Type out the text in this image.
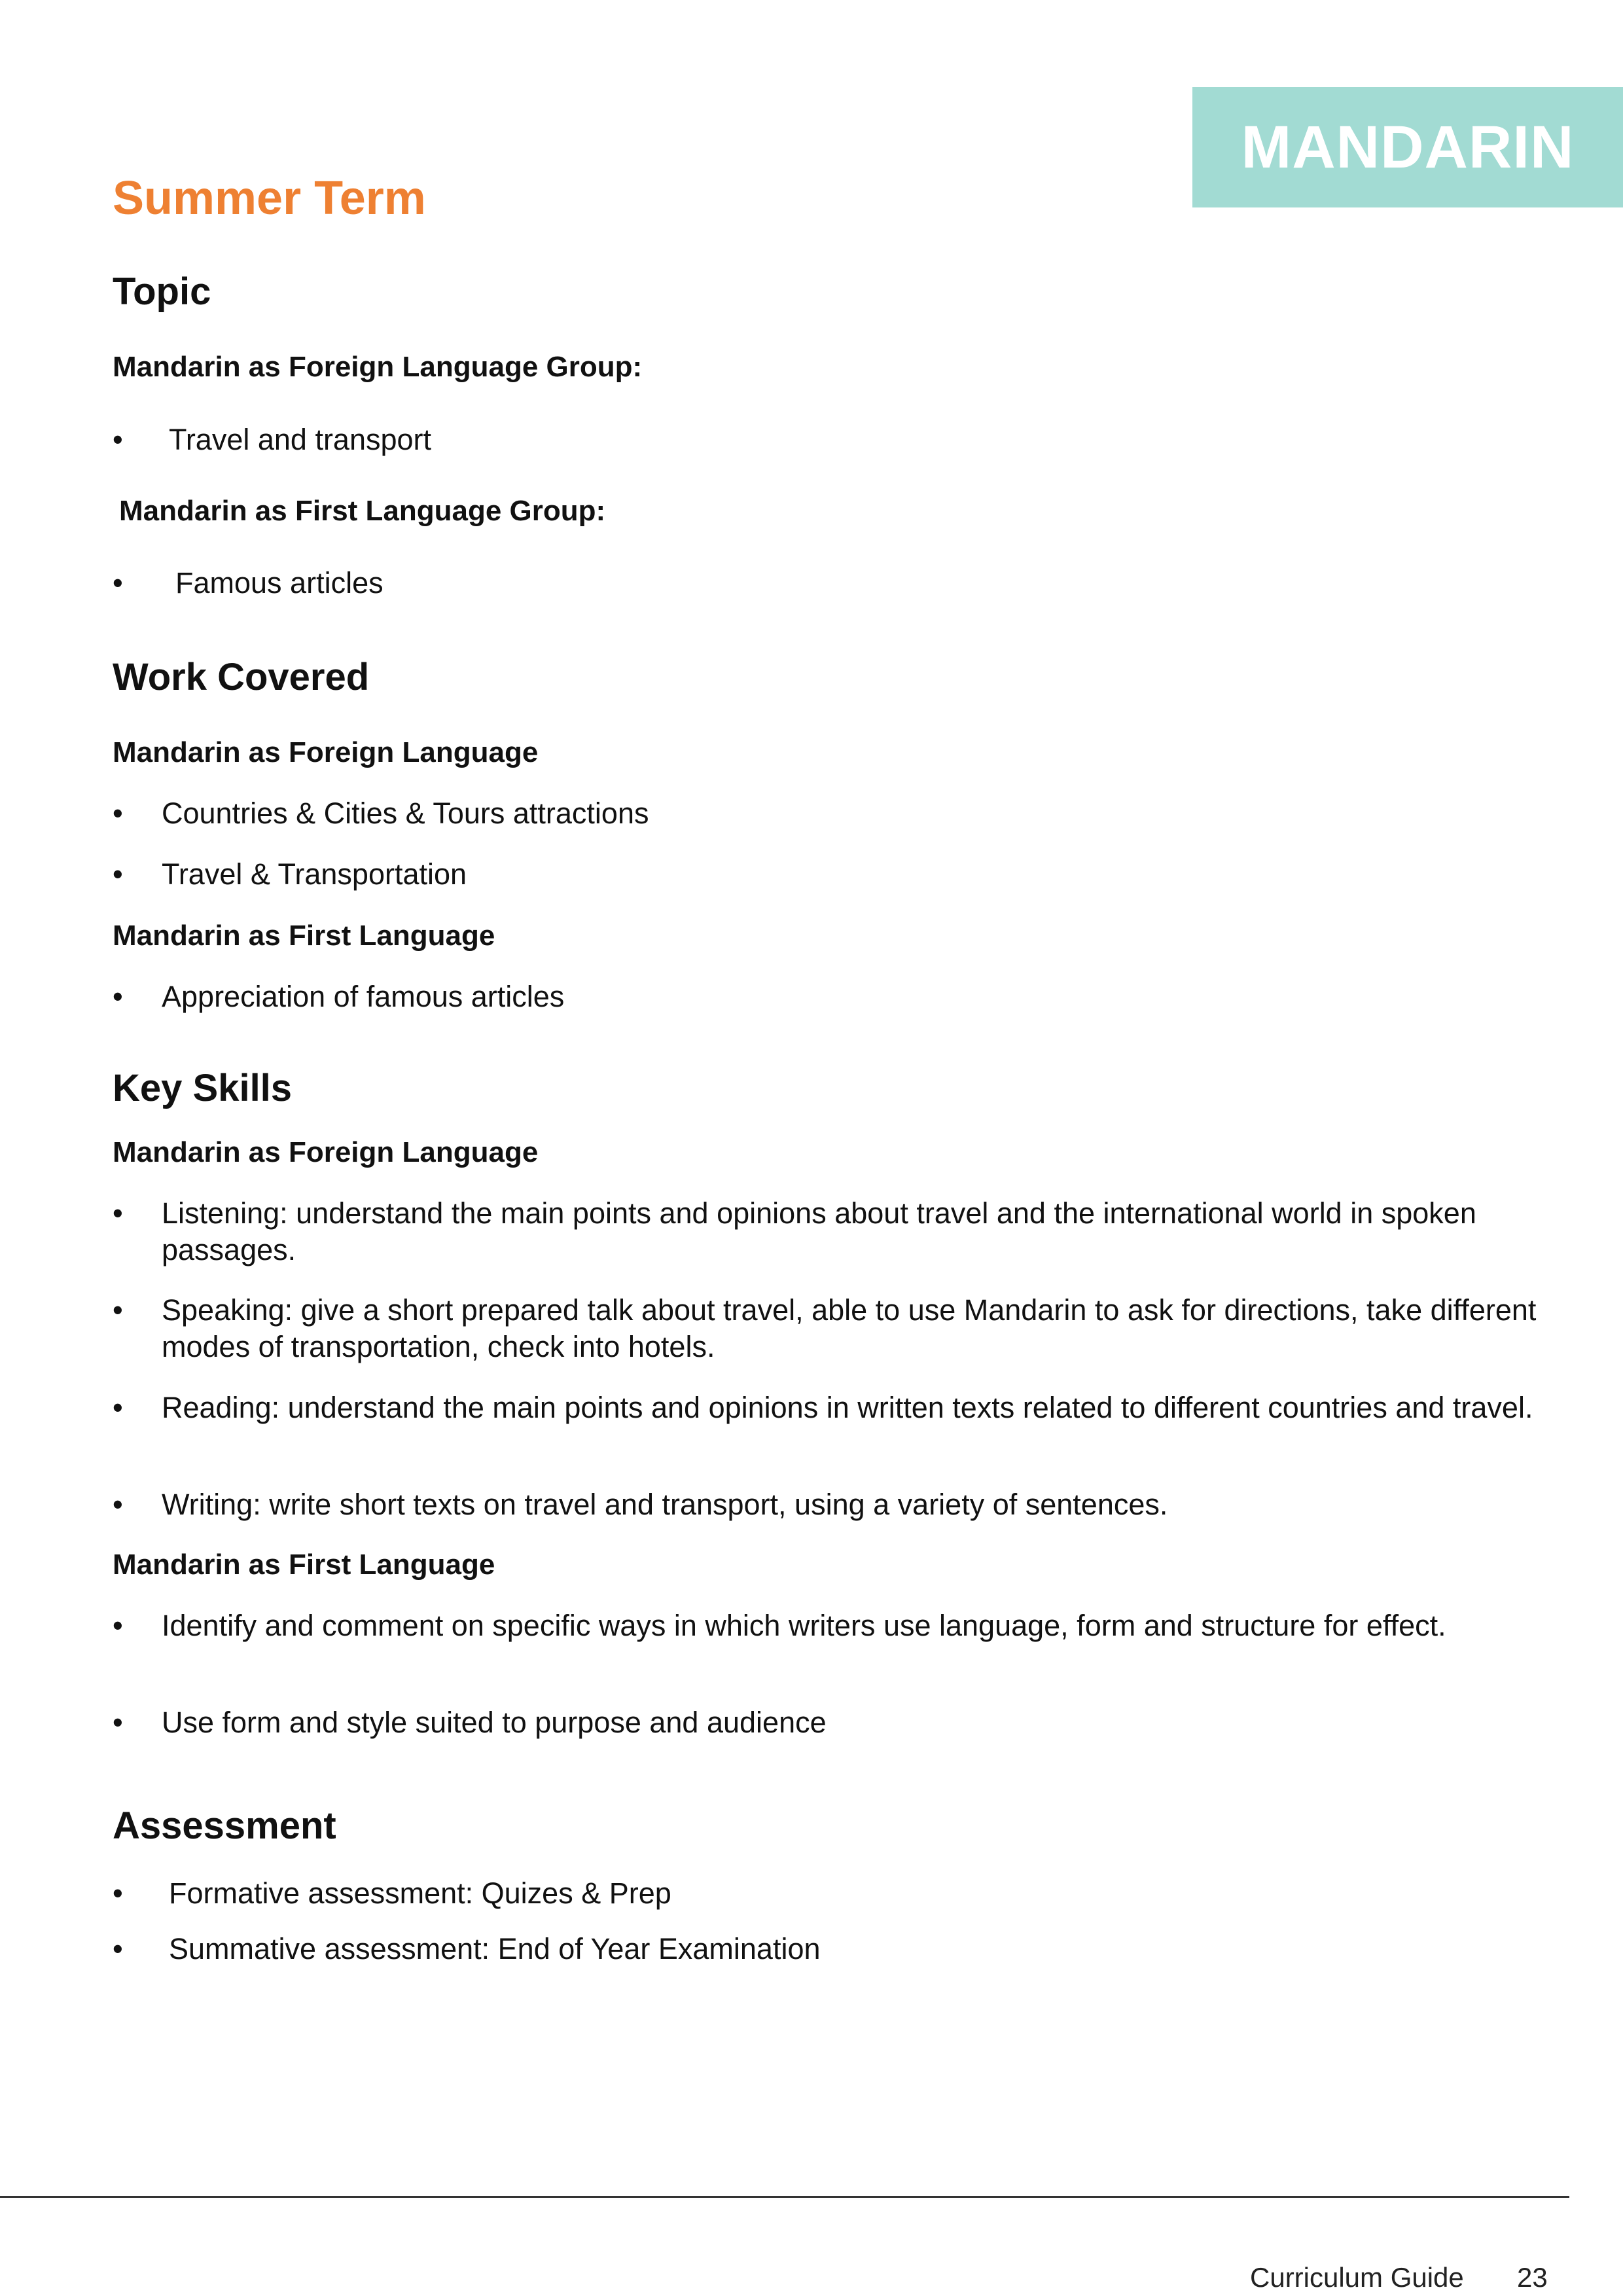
MANDARIN
Summer Term
Topic
Mandarin as Foreign Language Group:
• Travel and transport
Mandarin as First Language Group:
• Famous articles
Work Covered
Mandarin as Foreign Language
• Countries & Cities & Tours attractions
• Travel & Transportation
Mandarin as First Language
• Appreciation of famous articles
Key Skills
Mandarin as Foreign Language
• Listening: understand the main points and opinions about travel and the international world in spoken passages.
• Speaking: give a short prepared talk about travel, able to use Mandarin to ask for directions, take different modes of transportation, check into hotels.
• Reading: understand the main points and opinions in written texts related to different countries and travel.
• Writing: write short texts on travel and transport, using a variety of sentences.
Mandarin as First Language
• Identify and comment on specific ways in which writers use language, form and structure for effect.
• Use form and style suited to purpose and audience
Assessment
• Formative assessment: Quizes & Prep
• Summative assessment: End of Year Examination
Curriculum Guide 23
